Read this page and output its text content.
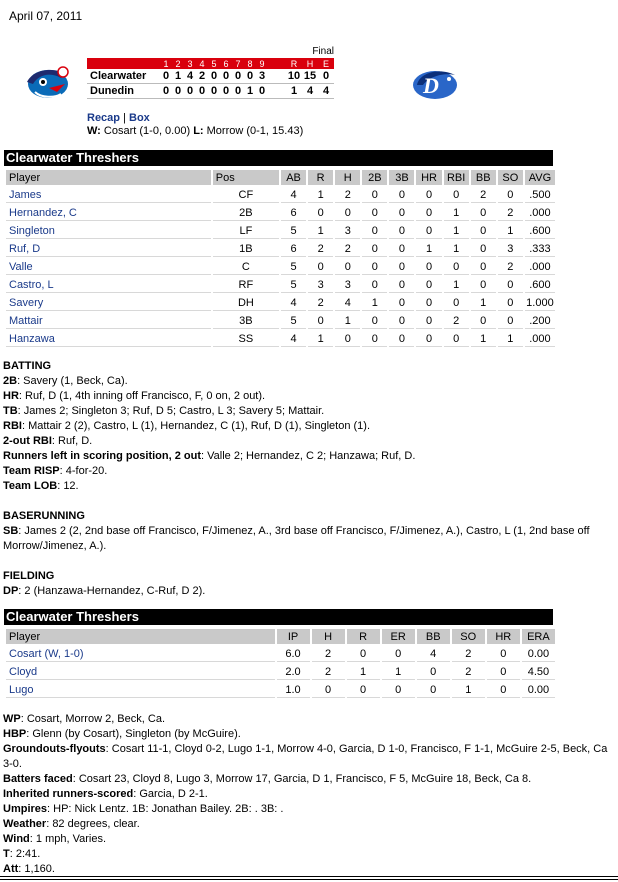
April 07, 2011
Final													
	1	2	3	4	5	6	7	8	9		R	H	E
Clearwater	0	1	4	2	0	0	0	0	3		10	15	0
Dunedin	0	0	0	0	0	0	0	1	0		1	4	4	D
Recap | Box
W: Cosart (1-0, 0.00) L: Morrow (0-1, 15.43)
Clearwater Threshers
Player	Pos	AB	R	H	2B	3B	HR	RBI	BB	SO	AVG
James	CF	4	1	2	0	0	0	0	2	0	.500
Hernandez, C	2B	6	0	0	0	0	0	1	0	2	.000
Singleton	LF	5	1	3	0	0	0	1	0	1	.600
Ruf, D	1B	6	2	2	0	0	1	1	0	3	.333
Valle	C	5	0	0	0	0	0	0	0	2	.000
Castro, L	RF	5	3	3	0	0	0	1	0	0	.600
Savery	DH	4	2	4	1	0	0	0	1	0	1.000
Mattair	3B	5	0	1	0	0	0	2	0	0	.200
Hanzawa	SS	4	1	0	0	0	0	0	1	1	.000

BATTING

2B: Savery (1, Beck, Ca).

HR: Ruf, D (1, 4th inning off Francisco, F, 0 on, 2 out).

TB: James 2; Singleton 3; Ruf, D 5; Castro, L 3; Savery 5; Mattair.

RBI: Mattair 2 (2), Castro, L (1), Hernandez, C (1), Ruf, D (1), Singleton (1).

2-out RBI: Ruf, D.

Runners left in scoring position, 2 out: Valle 2; Hernandez, C 2; Hanzawa; Ruf, D.

Team RISP: 4-for-20.

Team LOB: 12.

BASERUNNING

SB: James 2 (2, 2nd base off Francisco, F/Jimenez, A., 3rd base off Francisco, F/Jimenez, A.), Castro, L (1, 2nd base off Morrow/Jimenez, A.).

FIELDING

DP: 2 (Hanzawa-Hernandez, C-Ruf, D 2).

Clearwater Threshers
Player	IP	H	R	ER	BB	SO	HR	ERA
Cosart (W, 1-0)	6.0	2	0	0	4	2	0	0.00
Cloyd	2.0	2	1	1	0	2	0	4.50
Lugo	1.0	0	0	0	0	1	0	0.00

WP: Cosart, Morrow 2, Beck, Ca.

HBP: Glenn (by Cosart), Singleton (by McGuire).

Groundouts-flyouts: Cosart 11-1, Cloyd 0-2, Lugo 1-1, Morrow 4-0, Garcia, D 1-0, Francisco, F 1-1, McGuire 2-5, Beck, Ca 3-0.

Batters faced: Cosart 23, Cloyd 8, Lugo 3, Morrow 17, Garcia, D 1, Francisco, F 5, McGuire 18, Beck, Ca 8.

Inherited runners-scored: Garcia, D 2-1.

Umpires: HP: Nick Lentz. 1B: Jonathan Bailey. 2B: . 3B: .

Weather: 82 degrees, clear.

Wind: 1 mph, Varies.

T: 2:41.

Att: 1,160.
